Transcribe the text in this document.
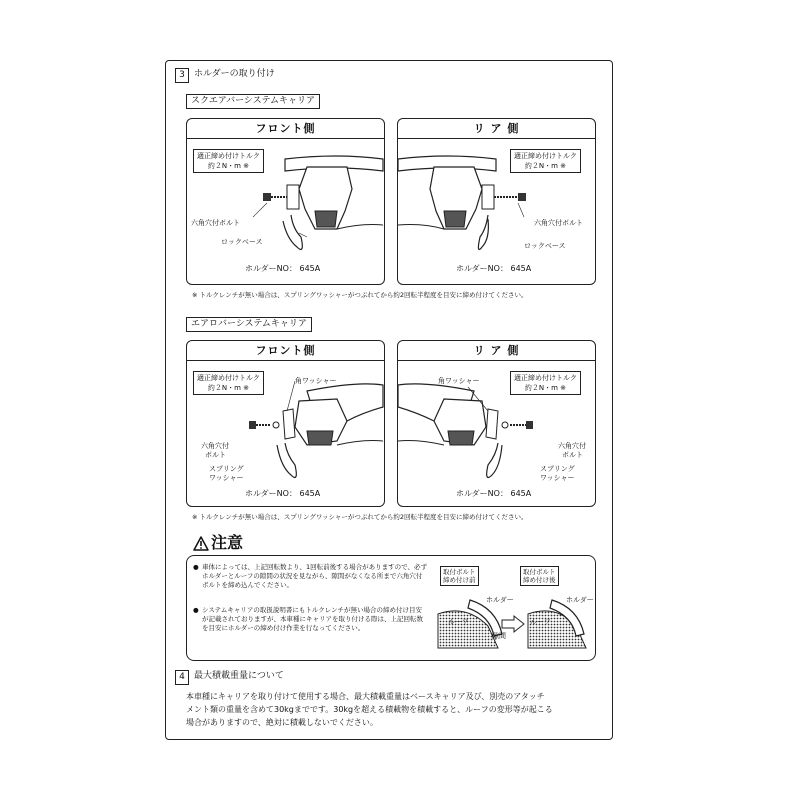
3	ホルダーの取り付け
スクエアバーシステムキャリア
フロント側
適正締め付けトルク
約２N・m ※
六角穴付ボルト
ロックベース
ホルダーNO： 645A
リ ア 側
適正締め付けトルク
約２N・m ※
六角穴付ボルト
ロックベース
ホルダーNO： 645A
※ トルクレンチが無い場合は、スプリングワッシャーがつぶれてから約2回転半程度を目安に締め付けてください。
エアロバーシステムキャリア
フロント側
適正締め付けトルク
約２N・m ※
角ワッシャー
六角穴付
ボルト
スプリング
ワッシャー
ホルダーNO： 645A
リ ア 側
適正締め付けトルク
約２N・m ※
角ワッシャー
六角穴付
ボルト
スプリング
ワッシャー
ホルダーNO： 645A
※ トルクレンチが無い場合は、スプリングワッシャーがつぶれてから約2回転半程度を目安に締め付けてください。
注意
● 車体によっては、上記回転数より、1回転前後する場合がありますので、必ずホルダーとルーフの隙間の状況を見ながら、隙間がなくなる所まで六角穴付ボルトを締め込んでください。
● システムキャリアの取扱説明書にもトルクレンチが無い場合の締め付け目安が記載されておりますが、本車種にキャリアを取り付ける際は、上記回転数を目安にホルダーの締め付け作業を行なってください。
取付ボルト
締め付け前
取付ボルト
締め付け後
ホルダー	ホルダー
ルーフ	ルーフ
隙間
4	最大積載重量について
本車種にキャリアを取り付けて使用する場合、最大積載重量はベースキャリア及び、別売のアタッチ
メント類の重量を含めて30kgまでです。30kgを超える積載物を積載すると、ルーフの変形等が起こる
場合がありますので、絶対に積載しないでください。
